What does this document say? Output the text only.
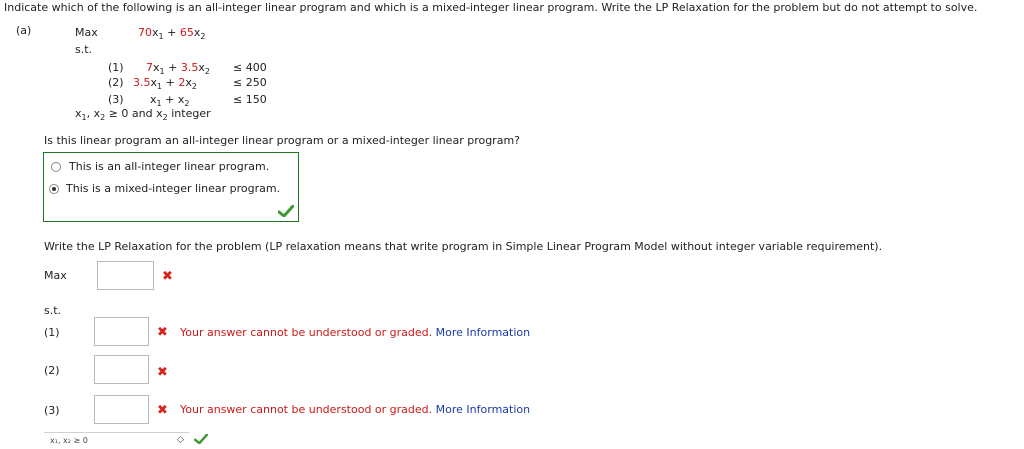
Indicate which of the following is an all-integer linear program and which is a mixed-integer linear program. Write the LP Relaxation for the problem but do not attempt to solve.
(a)	Max	$70x_1 + 65x_2$
s.t.
(1) $7x_1 + 3.5x_2 \le 400$
(2) $3.5x_1 + 2x_2$	≤ 250
(3) $x_1 + x_2$	≤ 150
$x_1$, $x_2 \ge 0$ and $x_2$ integer
Is this linear program an all-integer linear program or a mixed-integer linear program?
This is an all-integer linear program.
This is a mixed-integer linear program.
Write the LP Relaxation for the problem (LP relaxation means that write program in Simple Linear Program Model without integer variable requirement).
Max	✖
s.t.
(1)	✖ Your answer cannot be understood or graded. More Information
(2)	✖
(3)	✖ Your answer cannot be understood or graded. More Information
x₁, x₂ ≥ 0	◇
